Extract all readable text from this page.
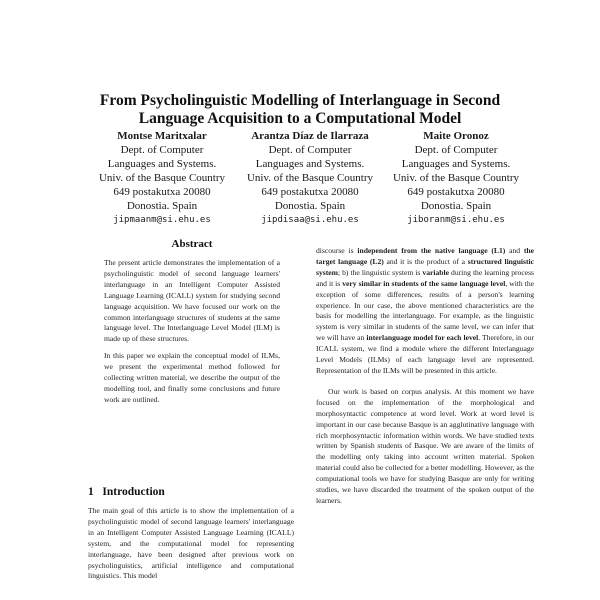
From Psycholinguistic Modelling of Interlanguage in Second
Language Acquisition to a Computational Model
Montse Maritxalar
Dept. of Computer
Languages and Systems.
Univ. of the Basque Country
649 postakutxa 20080
Donostia. Spain
jipmaanm@si.ehu.es
Arantza Díaz de Ilarraza
Dept. of Computer
Languages and Systems.
Univ. of the Basque Country
649 postakutxa 20080
Donostia. Spain
jipdisaa@si.ehu.es
Maite Oronoz
Dept. of Computer
Languages and Systems.
Univ. of the Basque Country
649 postakutxa 20080
Donostia. Spain
jiboranm@si.ehu.es
Abstract

The present article demonstrates the implementation of a psycholinguistic model of second language learners' interlanguage in an Intelligent Computer Assisted Language Learning (ICALL) system for studying second language acquisition. We have focused our work on the common interlanguage structures of students at the same language level. The Interlanguage Level Model (ILM) is made up of these structures.

In this paper we explain the conceptual model of ILMs, we present the experimental method followed for collecting written material, we describe the output of the modelling tool, and finally some conclusions and future work are outlined.

1 Introduction

The main goal of this article is to show the implementation of a psycholinguistic model of second language learners' interlanguage in an Intelligent Computer Assisted Language Learning (ICALL) system, and the computational model for representing interlanguage, have been designed after previous work on psycholinguistics, artificial intelligence and computational linguistics. This model

discourse is independent from the native language (L1) and the target language (L2) and it is the product of a structured linguistic system; b) the linguistic system is variable during the learning process and it is very similar in students of the same language level, with the exception of some differences, results of a person's learning experience. In our case, the above mentioned characteristics are the basis for modelling the interlanguage. For example, as the linguistic system is very similar in students of the same level, we can infer that we will have an interlanguage model for each level. Therefore, in our ICALL system, we find a module where the different Interlanguage Level Models (ILMs) of each language level are represented. Representation of the ILMs will be presented in this article.

Our work is based on corpus analysis. At this moment we have focused on the implementation of the morphological and morphosyntactic competence at word level. Work at word level is important in our case because Basque is an agglutinative language with rich morphosyntactic information within words. We have studied texts written by Spanish students of Basque. We are aware of the limits of the modelling only taking into account written material. Spoken material could also be collected for a better modelling. However, as the computational tools we have for studying Basque are only for writing studies, we have discarded the treatment of the spoken output of the learners.
